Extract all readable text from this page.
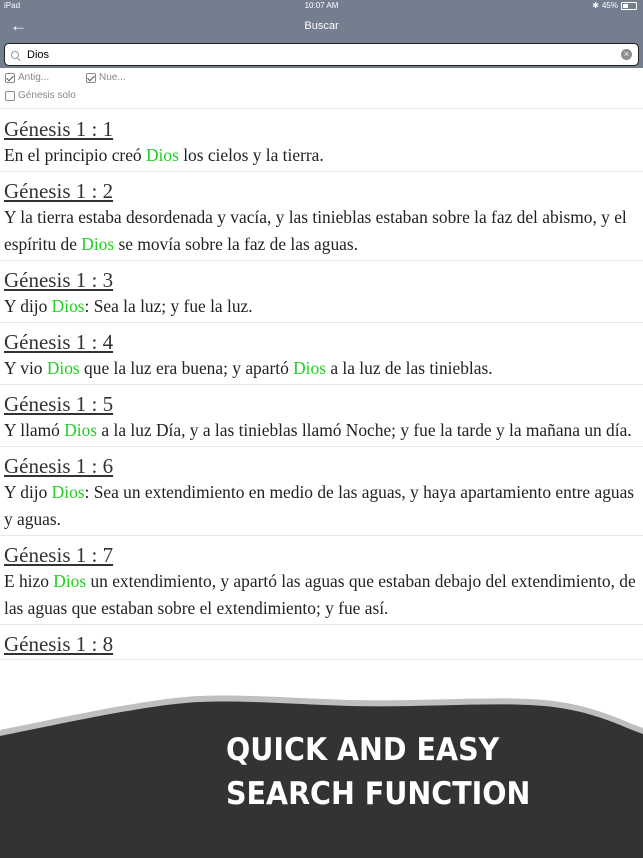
iPad	10:07 AM	✱ 45%
←	Buscar
Dios
×
Antig...	Nue...
Génesis solo
Génesis 1 : 1
En el principio creó Dios los cielos y la tierra.
Génesis 1 : 2
Y la tierra estaba desordenada y vacía, y las tinieblas estaban sobre la faz del abismo, y el espíritu de Dios se movía sobre la faz de las aguas.
Génesis 1 : 3
Y dijo Dios: Sea la luz; y fue la luz.
Génesis 1 : 4
Y vio Dios que la luz era buena; y apartó Dios a la luz de las tinieblas.
Génesis 1 : 5
Y llamó Dios a la luz Día, y a las tinieblas llamó Noche; y fue la tarde y la mañana un día.
Génesis 1 : 6
Y dijo Dios: Sea un extendimiento en medio de las aguas, y haya apartamiento entre aguas y aguas.
Génesis 1 : 7
E hizo Dios un extendimiento, y apartó las aguas que estaban debajo del extendimiento, de las aguas que estaban sobre el extendimiento; y fue así.
Génesis 1 : 8
QUICK AND EASY
SEARCH FUNCTION
